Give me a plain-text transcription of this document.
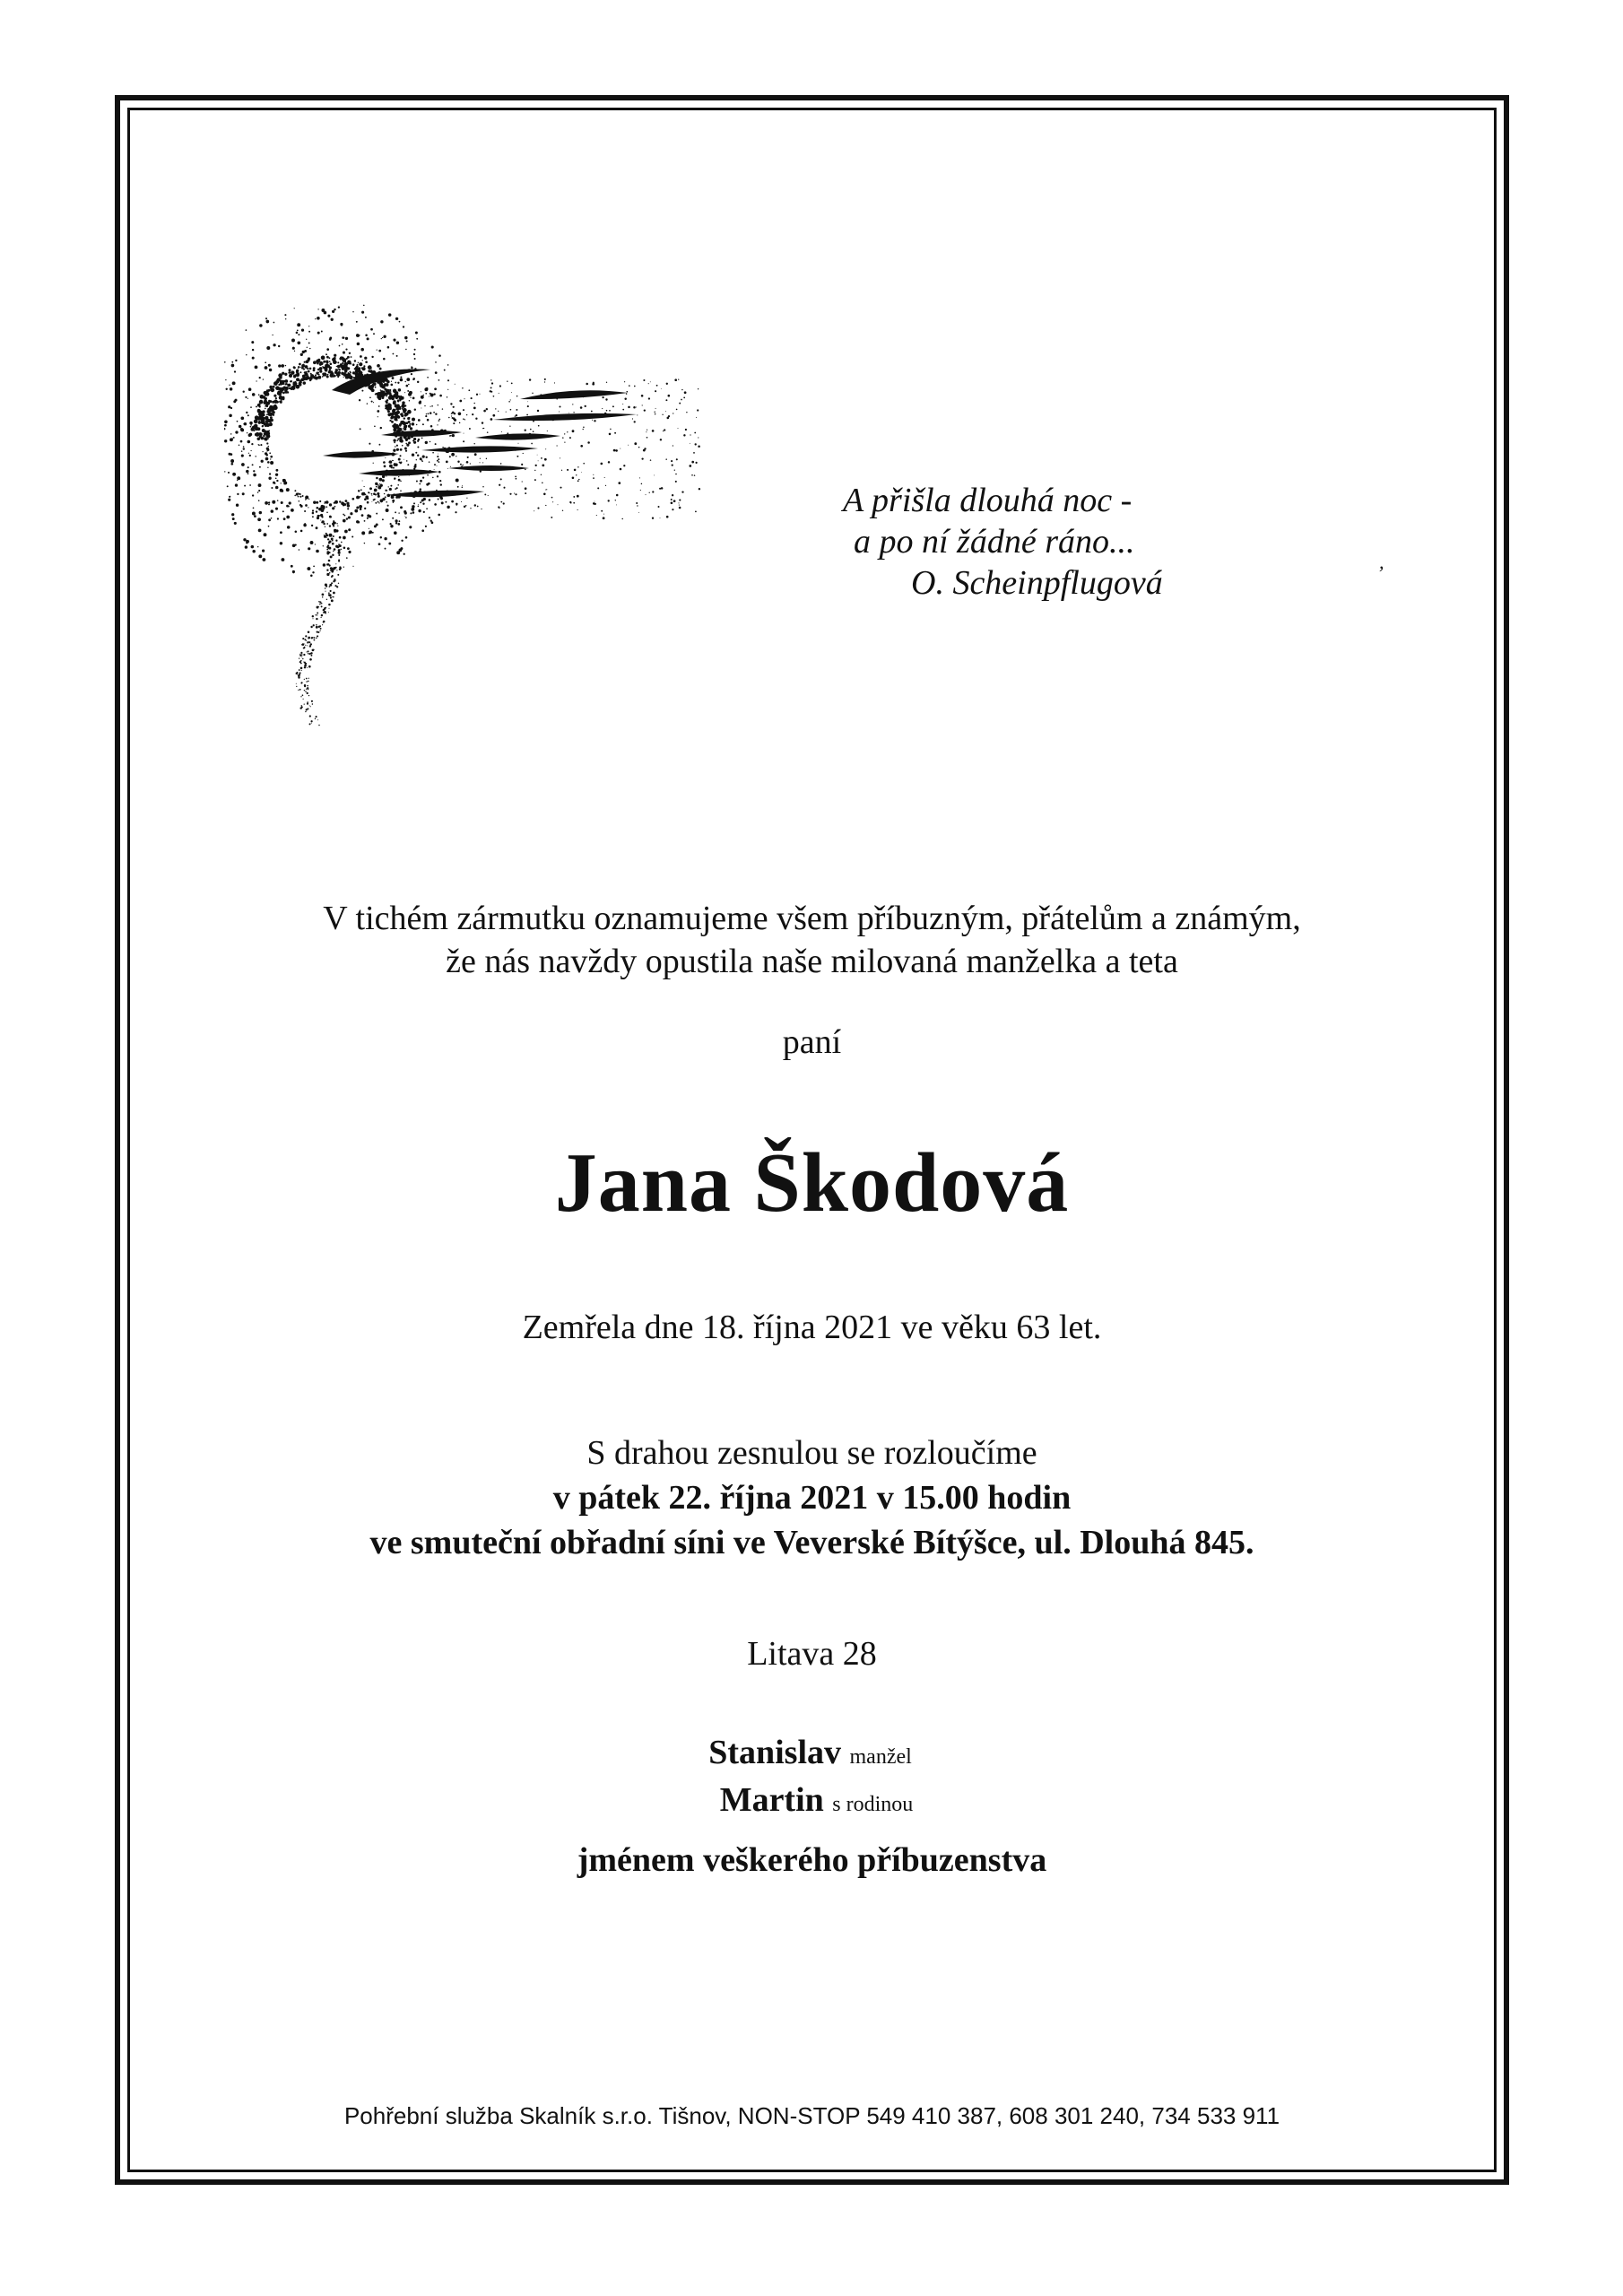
A přišla dlouhá noc -
a po ní žádné ráno...
O. Scheinpflugová
,
V tichém zármutku oznamujeme všem příbuzným, přátelům a známým,
že nás navždy opustila naše milovaná manželka a teta
paní
Jana Škodová
Zemřela dne 18. října 2021 ve věku 63 let.
S drahou zesnulou se rozloučíme
v pátek 22. října 2021 v 15.00 hodin
ve smuteční obřadní síni ve Veverské Bítýšce, ul. Dlouhá 845.
Litava 28
Stanislav manžel
Martin s rodinou
jménem veškerého příbuzenstva
Pohřební služba Skalník s.r.o. Tišnov, NON-STOP 549 410 387, 608 301 240, 734 533 911
